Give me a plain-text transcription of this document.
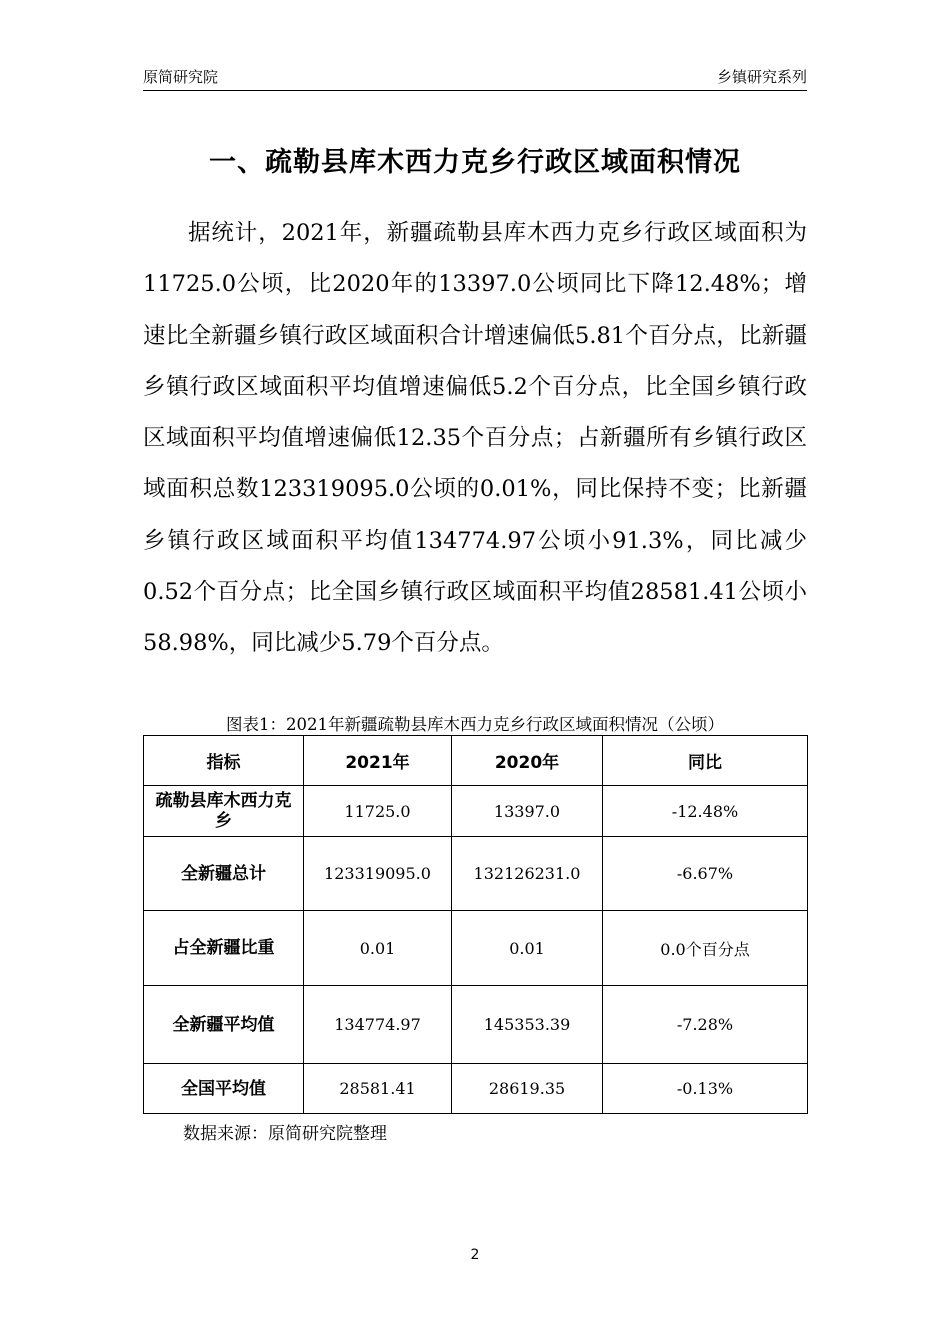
原简研究院	乡镇研究系列
一、疏勒县库木西力克乡行政区域面积情况

据统计，2021年，新疆疏勒县库木西力克乡行政区域面积为11725.0公顷，比2020年的13397.0公顷同比下降12.48%；增速比全新疆乡镇行政区域面积合计增速偏低5.81个百分点，比新疆乡镇行政区域面积平均值增速偏低5.2个百分点，比全国乡镇行政区域面积平均值增速偏低12.35个百分点；占新疆所有乡镇行政区域面积总数123319095.0公顷的0.01%，同比保持不变；比新疆乡镇行政区域面积平均值134774.97公顷小91.3%，同比减少0.52个百分点；比全国乡镇行政区域面积平均值28581.41公顷小58.98%，同比减少5.79个百分点。

图表1：2021年新疆疏勒县库木西力克乡行政区域面积情况（公顷）
指标	2021年	2020年	同比
疏勒县库木西力克乡	11725.0	13397.0	-12.48%
全新疆总计	123319095.0	132126231.0	-6.67%
占全新疆比重	0.01	0.01	0.0个百分点
全新疆平均值	134774.97	145353.39	-7.28%
全国平均值	28581.41	28619.35	-0.13%
数据来源：原简研究院整理
2
